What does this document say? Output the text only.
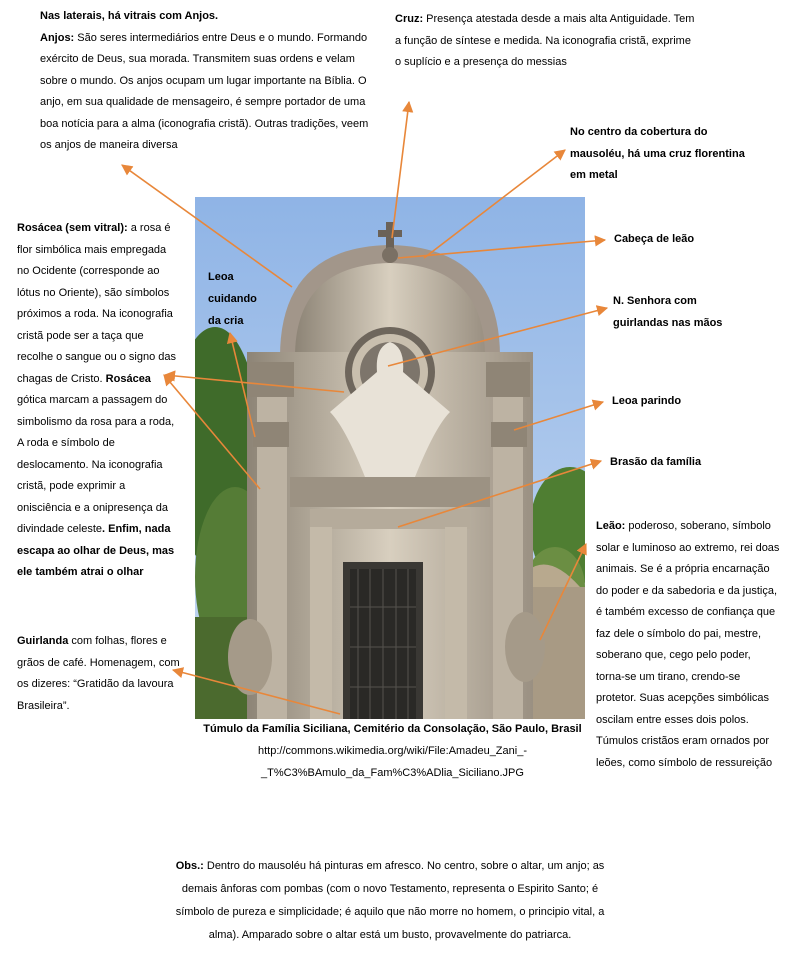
Nas laterais, há vitrais com Anjos.

Anjos: São seres intermediários entre Deus e o mundo. Formando exército de Deus, sua morada. Transmitem suas ordens e velam sobre o mundo. Os anjos ocupam um lugar importante na Bíblia. O anjo, em sua qualidade de mensageiro, é sempre portador de uma boa notícia para a alma (iconografia cristã). Outras tradições, veem os anjos de maneira diversa

Cruz: Presença atestada desde a mais alta Antiguidade. Tem a função de síntese e medida. Na iconografia cristã, exprime o suplício e a presença do messias
No centro da cobertura do mausoléu, há uma cruz florentina em metal
Cabeça de leão
N. Senhora com guirlandas nas mãos
Leoa parindo
Brasão da família
Rosácea (sem vitral): a rosa é flor simbólica mais empregada no Ocidente (corresponde ao lótus no Oriente), são símbolos próximos a roda. Na iconografia cristã pode ser a taça que recolhe o sangue ou o signo das chagas de Cristo. Rosácea gótica marcam a passagem do simbolismo da rosa para a roda, A roda e símbolo de deslocamento. Na iconografia cristã, pode exprimir a onisciência e a onipresença da divindade celeste. Enfim, nada escapa ao olhar de Deus, mas ele também atrai o olhar
Guirlanda com folhas, flores e grãos de café. Homenagem, com os dizeres: “Gratidão da lavoura Brasileira”.
Leão: poderoso, soberano, símbolo solar e luminoso ao extremo, rei doas animais. Se é a própria encarnação do poder e da sabedoria e da justiça, é também excesso de confiança que faz dele o símbolo do pai, mestre, soberano que, cego pelo poder, torna-se um tirano, crendo-se protetor. Suas acepções simbólicas oscilam entre esses dois polos. Túmulos cristãos eram ornados por leões, como símbolo de ressureição
Túmulo da Família Siciliana, Cemitério da Consolação, São Paulo, Brasil
http://commons.wikimedia.org/wiki/File:Amadeu_Zani_-
_T%C3%BAmulo_da_Fam%C3%ADlia_Siciliano.JPG
Obs.: Dentro do mausoléu há pinturas em afresco. No centro, sobre o altar, um anjo; as demais ânforas com pombas (com o novo Testamento, representa o Espirito Santo; é símbolo de pureza e simplicidade; é aquilo que não morre no homem, o principio vital, a alma). Amparado sobre o altar está um busto, provavelmente do patriarca.
Leoa cuidando da cria
